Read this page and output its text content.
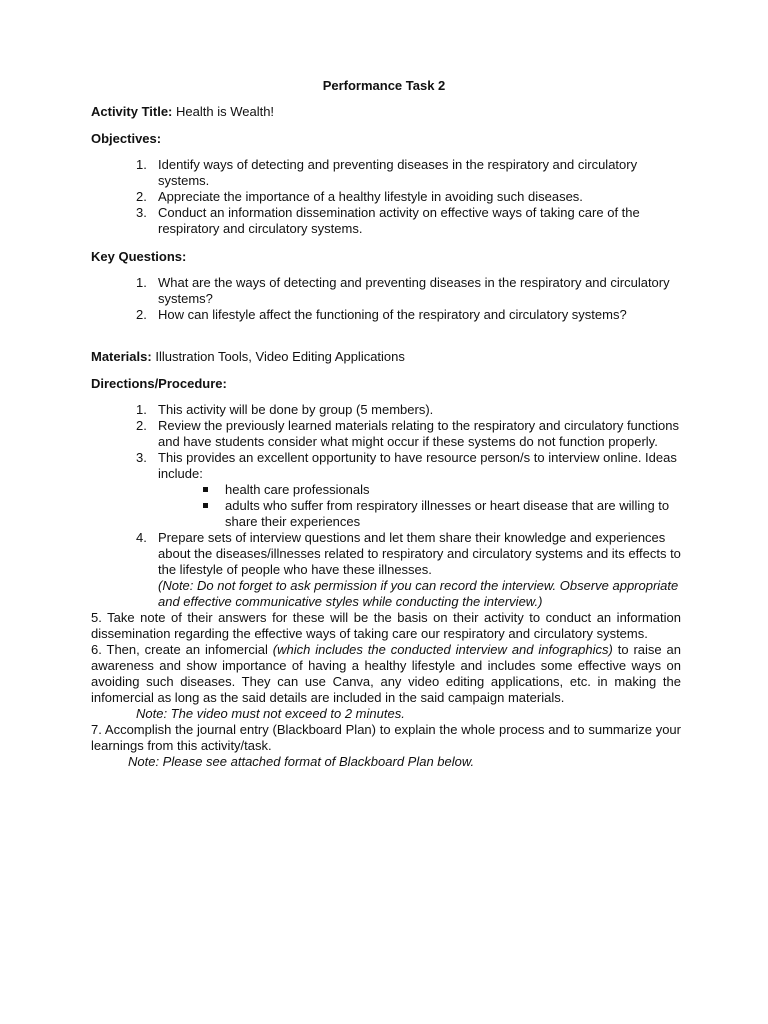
Performance Task 2
Activity Title: Health is Wealth!
Objectives:
1. Identify ways of detecting and preventing diseases in the respiratory and circulatory systems.
2. Appreciate the importance of a healthy lifestyle in avoiding such diseases.
3. Conduct an information dissemination activity on effective ways of taking care of the respiratory and circulatory systems.
Key Questions:
1. What are the ways of detecting and preventing diseases in the respiratory and circulatory systems?
2. How can lifestyle affect the functioning of the respiratory and circulatory systems?
Materials: Illustration Tools, Video Editing Applications
Directions/Procedure:
1. This activity will be done by group (5 members).
2. Review the previously learned materials relating to the respiratory and circulatory functions and have students consider what might occur if these systems do not function properly.
3. This provides an excellent opportunity to have resource person/s to interview online. Ideas include:
health care professionals
adults who suffer from respiratory illnesses or heart disease that are willing to share their experiences
4. Prepare sets of interview questions and let them share their knowledge and experiences about the diseases/illnesses related to respiratory and circulatory systems and its effects to the lifestyle of people who have these illnesses.
(Note: Do not forget to ask permission if you can record the interview. Observe appropriate and effective communicative styles while conducting the interview.)
5. Take note of their answers for these will be the basis on their activity to conduct an information dissemination regarding the effective ways of taking care our respiratory and circulatory systems.
6. Then, create an infomercial (which includes the conducted interview and infographics) to raise an awareness and show importance of having a healthy lifestyle and includes some effective ways on avoiding such diseases. They can use Canva, any video editing applications, etc. in making the infomercial as long as the said details are included in the said campaign materials.
Note: The video must not exceed to 2 minutes.
7. Accomplish the journal entry (Blackboard Plan) to explain the whole process and to summarize your learnings from this activity/task.
Note: Please see attached format of Blackboard Plan below.
